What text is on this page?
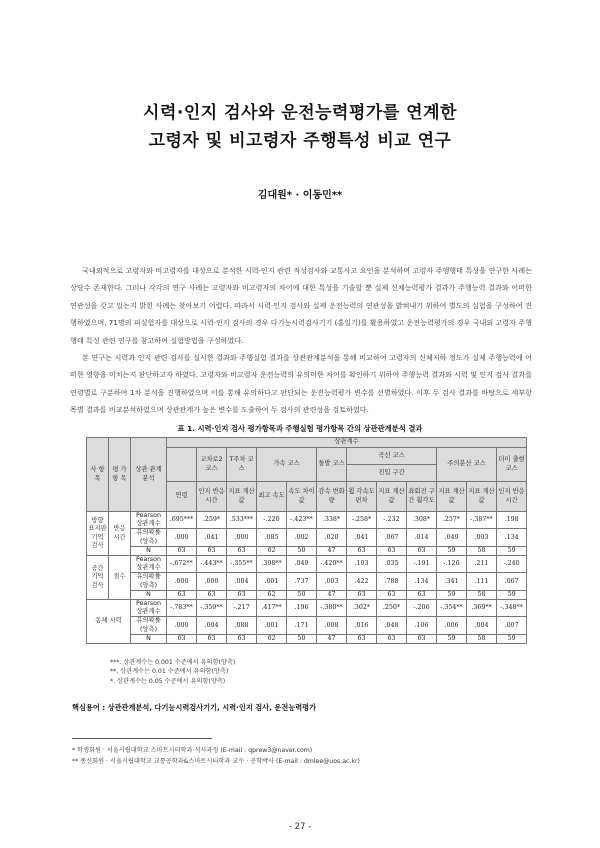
시력·인지 검사와 운전능력평가를 연계한
고령자 및 비고령자 주행특성 비교 연구
김대원* · 이동민**

국내외적으로 고령자와 비고령자를 대상으로 분석한 시력·인지 관련 적성검사와 교통사고 요인을 분석하며 고령자 주행행태 특성을 연구한 사례는 상당수 존재한다. 그러나 각각의 연구 사례는 고령자와 비고령자의 차이에 대한 특성을 기술할 뿐 실제 신체능력평가 결과가 주행능력 결과와 어떠한 연관성을 갖고 있는지 밝힌 사례는 찾아보기 어렵다. 따라서 시력·인지 검사와 실제 운전능력의 연관성을 밝혀내기 위하여 별도의 실험을 구성하여 진행하였으며, 71명의 피실험자를 대상으로 시력·인지 검사의 경우 다기능시력검사기기 (홍일기)를 활용하였고 운전능력평가의 경우 국내외 고령자 주행행태 특성 관련 연구를 참고하여 실험방법을 구성하였다.

본 연구는 시력과 인지 관련 검사를 실시한 결과와 주행실험 결과를 상관관계분석을 통해 비교하여 고령자의 신체저하 정도가 실제 주행능력에 어떠한 영향을 미치는지 판단하고자 하였다. 고령자와 비고령자 운전능력의 유의미한 차이를 확인하기 위하여 주행능력 결과와 시력 및 인지 검사 결과를 연령별로 구분하여 1차 분석을 진행하였으며 이를 통해 유의하다고 판단되는 운전능력평가 변수를 선별하였다. 이후 두 검사 결과를 바탕으로 세부항목별 결과를 비교분석하였으며 상관관계가 높은 변수를 도출하여 두 검사의 관련성을 검토하였다.

표 1. 시력·인지 검사 평가항목과 주행실험 평가항목 간의 상관관계분석 결과
사 항 목	평 가 항 목	상관 관계 분석	상관계수											
				교차로2 코스	T주차 코스	가속 코스		돌발 코스	곡선 코스			주의분산 코스		더미 출현 코스
									진입 구간					
			연령	인지 반응 시간	지표 계산값	최고 속도	속도 차이값	감속 변화량	휠 각속도 편차	지표 계산값	좌회전 구간 횔각도	지표 계산값	지표 계산값	인지 반응 시간
방향 표지판 기억 검사	반응 시간	Pearson 상관계수	.695***	.259*	.533***	-.220	-.423**	.338*	-.258*	-.232	.308*	.257*	-.387**	.198
		유의확률 (양측)	.000	.041	.000	.085	.002	.020	.041	.067	.014	.049	.003	.134
		N	63	63	63	62	50	47	63	63	63	59	58	59
공간 기억 검사	점수	Pearson 상관계수	-.672**	-.443**	-.355**	.398**	.049	-.420**	.103	.035	-.191	-.126	.211	-.240
		유의확률 (양측)	.000	.000	.004	.001	.737	.003	.422	.788	.134	.341	.111	.067
		N	63	63	63	62	50	47	63	63	63	59	58	59
동체 시력		Pearson 상관계수	-.783**	-.359**	-.217	.417**	.196	-.380**	.302*	.250*	-.206	-.354**	.369**	-.348**
		유의확률 (양측)	.000	.004	.088	.001	.171	.008	.016	.048	.106	.006	.004	.007
		N	63	63	63	62	50	47	63	63	63	59	58	59
***. 상관계수는 0.001 수준에서 유의함(양측)
**. 상관계수는 0.01 수준에서 유의함(양측)
*. 상관계수는 0.05 수준에서 유의함(양측)
핵심용어 : 상관관계분석, 다기능시력검사기기, 시력·인지 검사, 운전능력평가
* 학생회원 · 서울시립대학교 스마트시티학과 석사과정 (E-mail : qprew3@naver.com)
** 종신회원 · 서울시립대학교 교통공학과&스마트시티학과 교수 · 공학박사 (E-mail : dmlee@uos.ac.kr)
- 27 -
